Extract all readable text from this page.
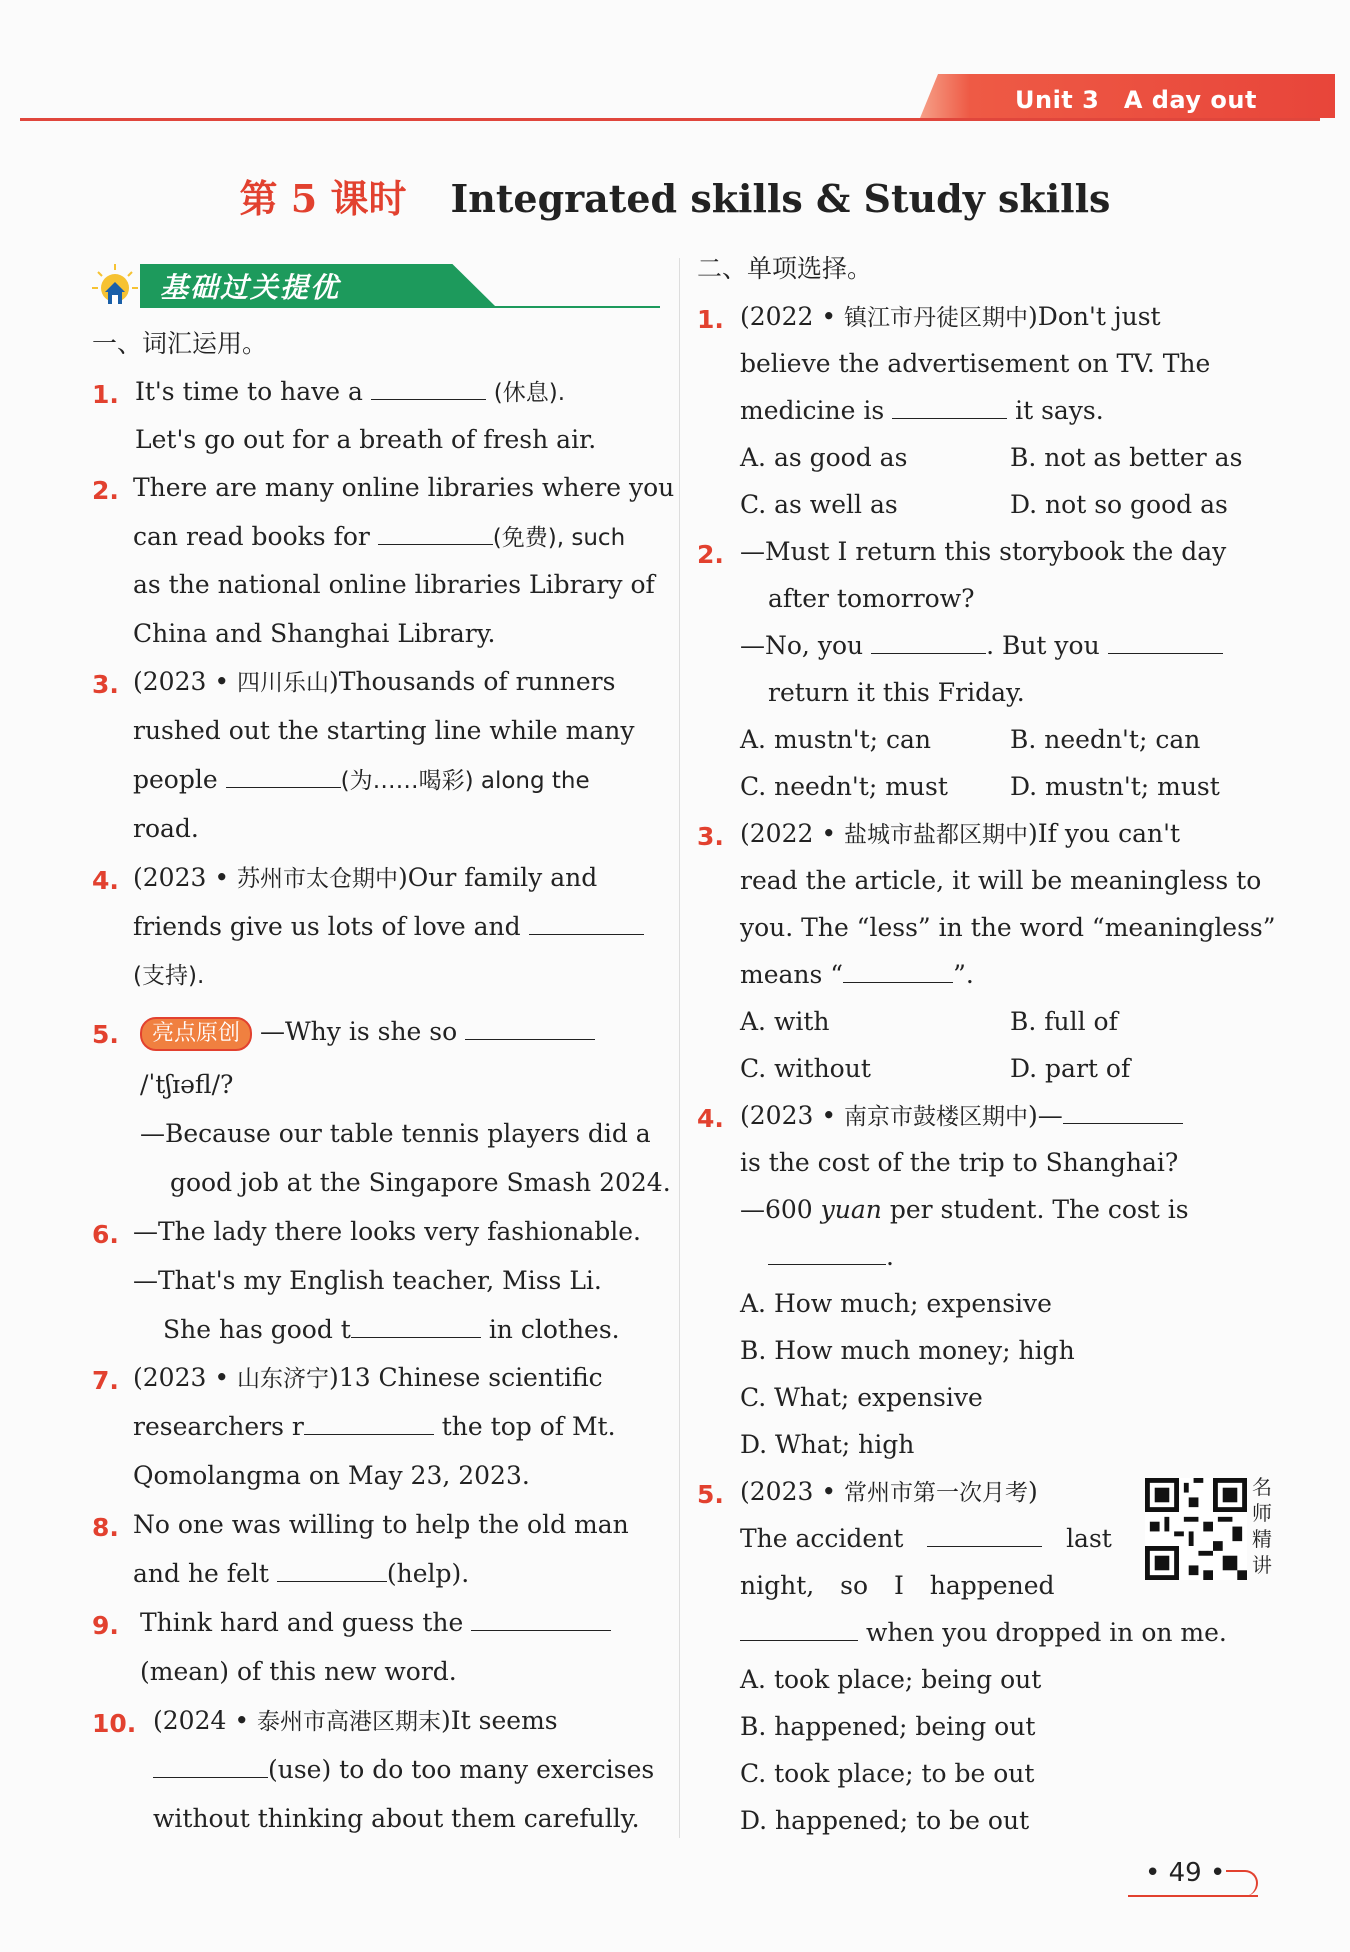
Unit 3　A day out
第 5 课时 Integrated skills & Study skills
基础过关提优
一、词汇运用。
1. It's time to have a	(休息).
Let's go out for a breath of fresh air.
2. There are many online libraries where you
can read books for	(免费), such
as the national online libraries Library of
China and Shanghai Library.
3. (2023 • 四川乐山)Thousands of runners
rushed out the starting line while many
people	(为……喝彩) along the
road.
4. (2023 • 苏州市太仓期中)Our family and
friends give us lots of love and
(支持).
5.	亮点原创 —Why is she so
/ˈtʃɪəfl/?
—Because our table tennis players did a
good job at the Singapore Smash 2024.
6. —The lady there looks very fashionable.
—That's my English teacher, Miss Li.
She has good t	in clothes.
7. (2023 • 山东济宁)13 Chinese scientific
researchers r	the top of Mt.
Qomolangma on May 23, 2023.
8. No one was willing to help the old man
and he felt	(help).
9. Think hard and guess the
(mean) of this new word.
10. (2024 • 泰州市高港区期末)It seems
(use) to do too many exercises
without thinking about them carefully.
二、单项选择。
1. (2022 • 镇江市丹徒区期中)Don't just
believe the advertisement on TV. The
medicine is	it says.
A. as good as	B. not as better as
C. as well as	D. not so good as
2. —Must I return this storybook the day
after tomorrow?
—No, you	. But you
return it this Friday.
A. mustn't; can	B. needn't; can
C. needn't; must D. mustn't; must
3. (2022 • 盐城市盐都区期中)If you can't
read the article, it will be meaningless to
you. The “less” in the word “meaningless”
means “	”.
A. with	B. full of
C. without	D. part of
4. (2023 • 南京市鼓楼区期中)—
is the cost of the trip to Shanghai?
—600 yuan per student. The cost is
.
A. How much; expensive
B. How much money; high
C. What; expensive
D. What; high
5. (2023 • 常州市第一次月考)
The accident	last
night, so I happened
when you dropped in on me.
A. took place; being out
B. happened; being out
C. took place; to be out
D. happened; to be out
名师精讲
• 49 •
